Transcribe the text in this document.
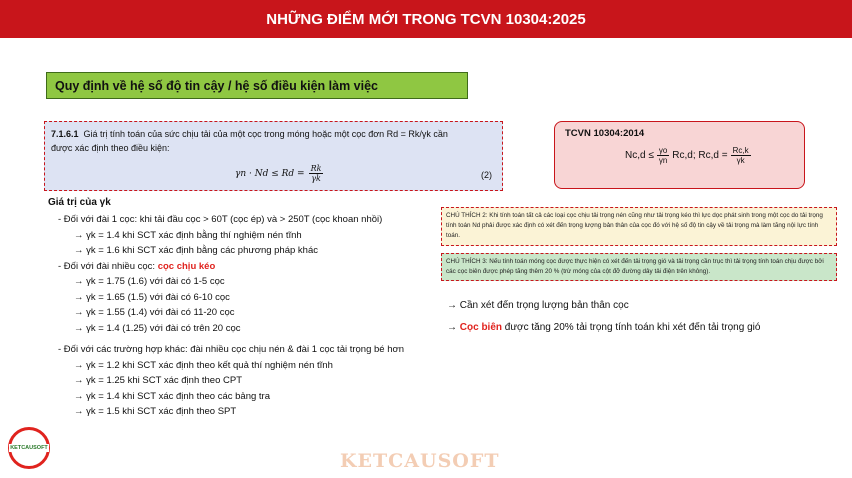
NHỮNG ĐIỂM MỚI TRONG TCVN 10304:2025
Quy định về hệ số độ tin cậy / hệ số điều kiện làm việc
7.1.6.1 Giá trị tính toán của sức chịu tải của một cọc trong móng hoặc một cọc đơn Rd = Rk/γk cần
được xác định theo điều kiện:
$\gamma n \cdot Nd \le Rd = \frac{Rk}{\gamma k}$	(2)
TCVN 10304:2014
$Nc,d \le \frac{\gamma o}{\gamma n} Rc,d$; $Rc,d = \frac{Rc,k}{\gamma k}$
Giá trị của γk
- Đối với đài 1 cọc: khi tải đầu cọc > 60T (cọc ép) và > 250T (cọc khoan nhồi)
→ γk = 1.4 khi SCT xác định bằng thí nghiệm nén tĩnh
→ γk = 1.6 khi SCT xác định bằng các phương pháp khác
- Đối với đài nhiều cọc: cọc chịu kéo
→ γk = 1.75 (1.6) với đài có 1-5 cọc
→ γk = 1.65 (1.5) với đài có 6-10 cọc
→ γk = 1.55 (1.4) với đài có 11-20 cọc
→ γk = 1.4 (1.25) với đài có trên 20 cọc
- Đối với các trường hợp khác: đài nhiều cọc chịu nén & đài 1 cọc tải trọng bé hơn
→ γk = 1.2 khi SCT xác định theo kết quả thí nghiệm nén tĩnh
→ γk = 1.25 khi SCT xác định theo CPT
→ γk = 1.4 khi SCT xác định theo các bảng tra
→ γk = 1.5 khi SCT xác định theo SPT
CHÚ THÍCH 2: Khi tính toán tất cả các loại cọc chịu tải trọng nén cũng như tải trọng kéo thì lực dọc phát sinh trong một cọc do tải trọng tính toán Nd phải được xác định có xét đến trọng lượng bản thân của cọc đó với hệ số độ tin cậy về tải trọng mà làm tăng nội lực tính toán.
CHÚ THÍCH 3: Nếu tính toán móng cọc được thực hiện có xét đến tải trọng gió và tải trọng cần trục thì tải trọng tính toán chịu được bởi các cọc biên được phép tăng thêm 20 % (trừ móng của cột đỡ đường dây tải điện trên không).
→ Cần xét đến trọng lượng bản thân cọc
→ Cọc biên được tăng 20% tải trọng tính toán khi xét đến tải trọng gió
KETCAUSOFT
KETCAUSOFT
